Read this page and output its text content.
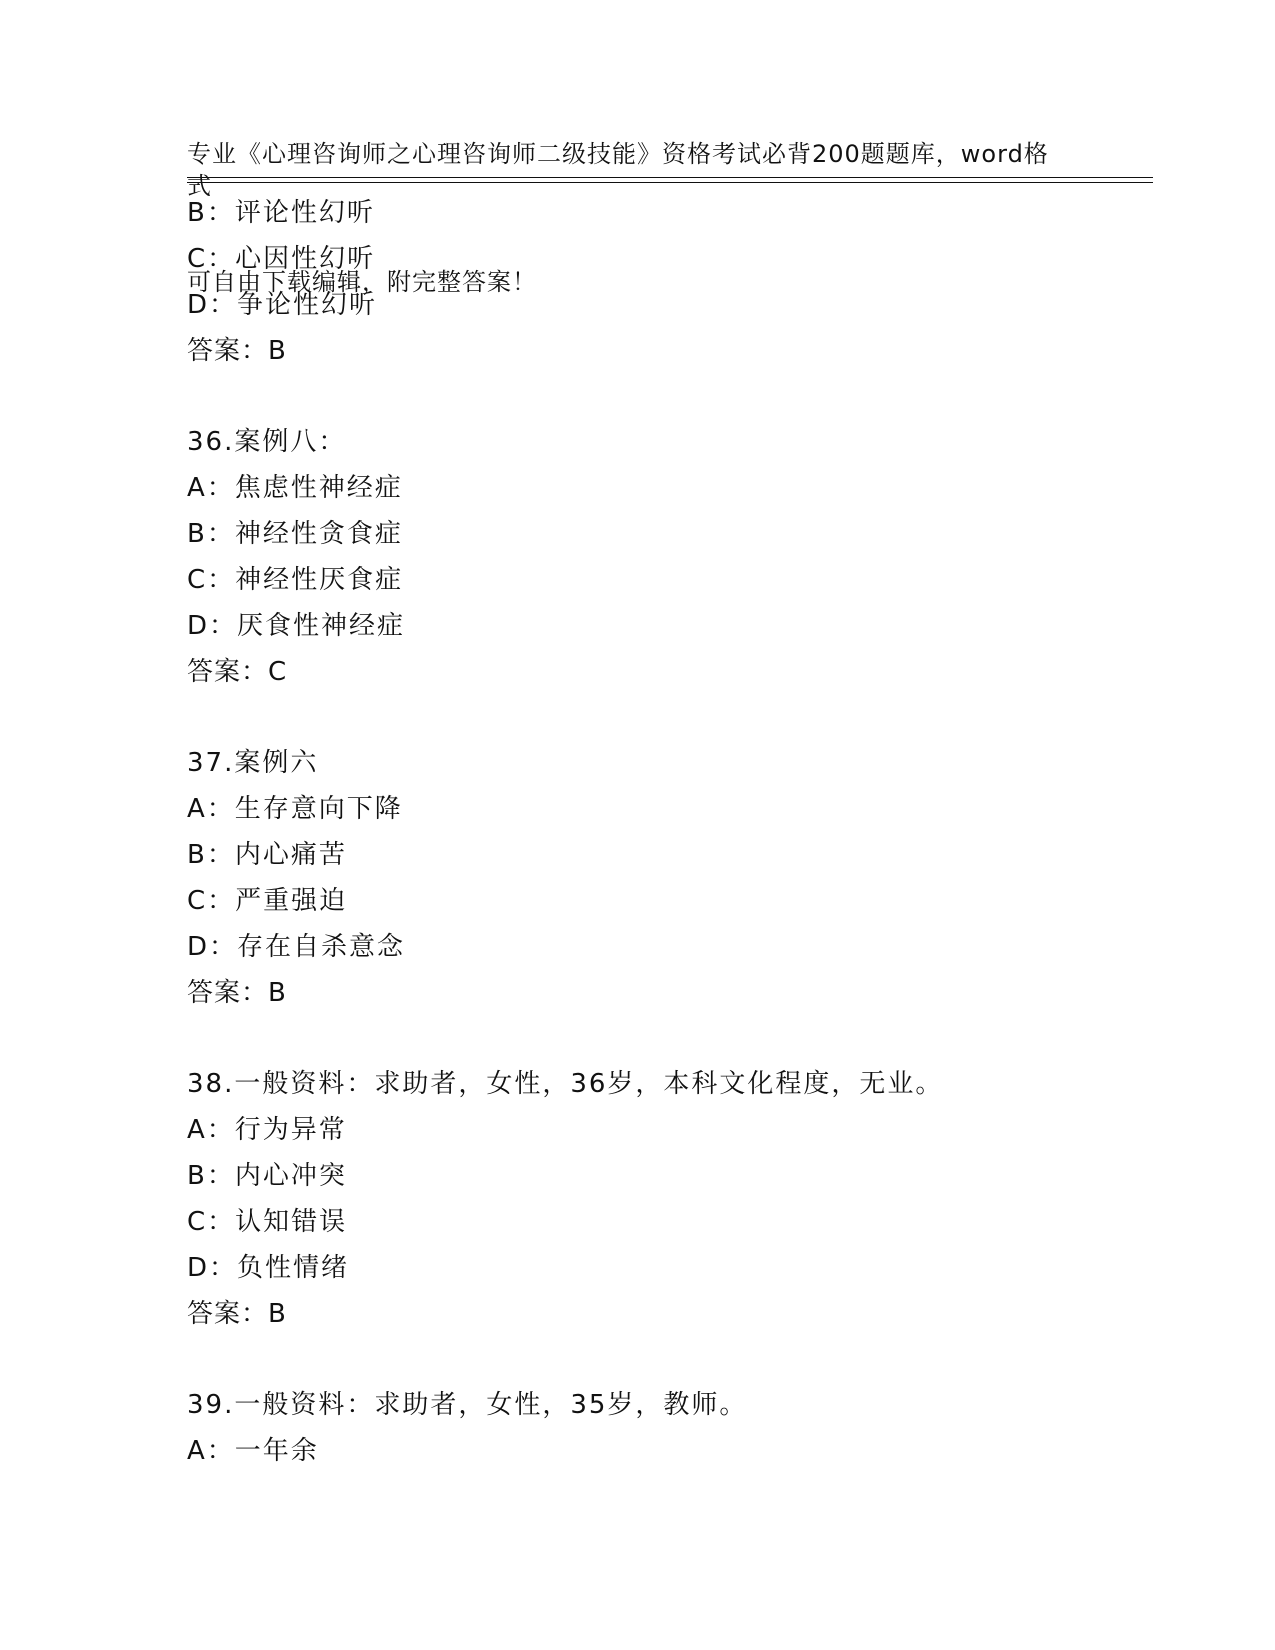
专业《心理咨询师之心理咨询师二级技能》资格考试必背200题题库，word格式

可自由下载编辑，附完整答案！

B：评论性幻听
C：心因性幻听
D：争论性幻听
答案：B
36.案例八：
A：焦虑性神经症
B：神经性贪食症
C：神经性厌食症
D：厌食性神经症
答案：C
37.案例六
A：生存意向下降
B：内心痛苦
C：严重强迫
D：存在自杀意念
答案：B
38.一般资料：求助者，女性，36岁，本科文化程度，无业。
A：行为异常
B：内心冲突
C：认知错误
D：负性情绪
答案：B
39.一般资料：求助者，女性，35岁，教师。
A：一年余
